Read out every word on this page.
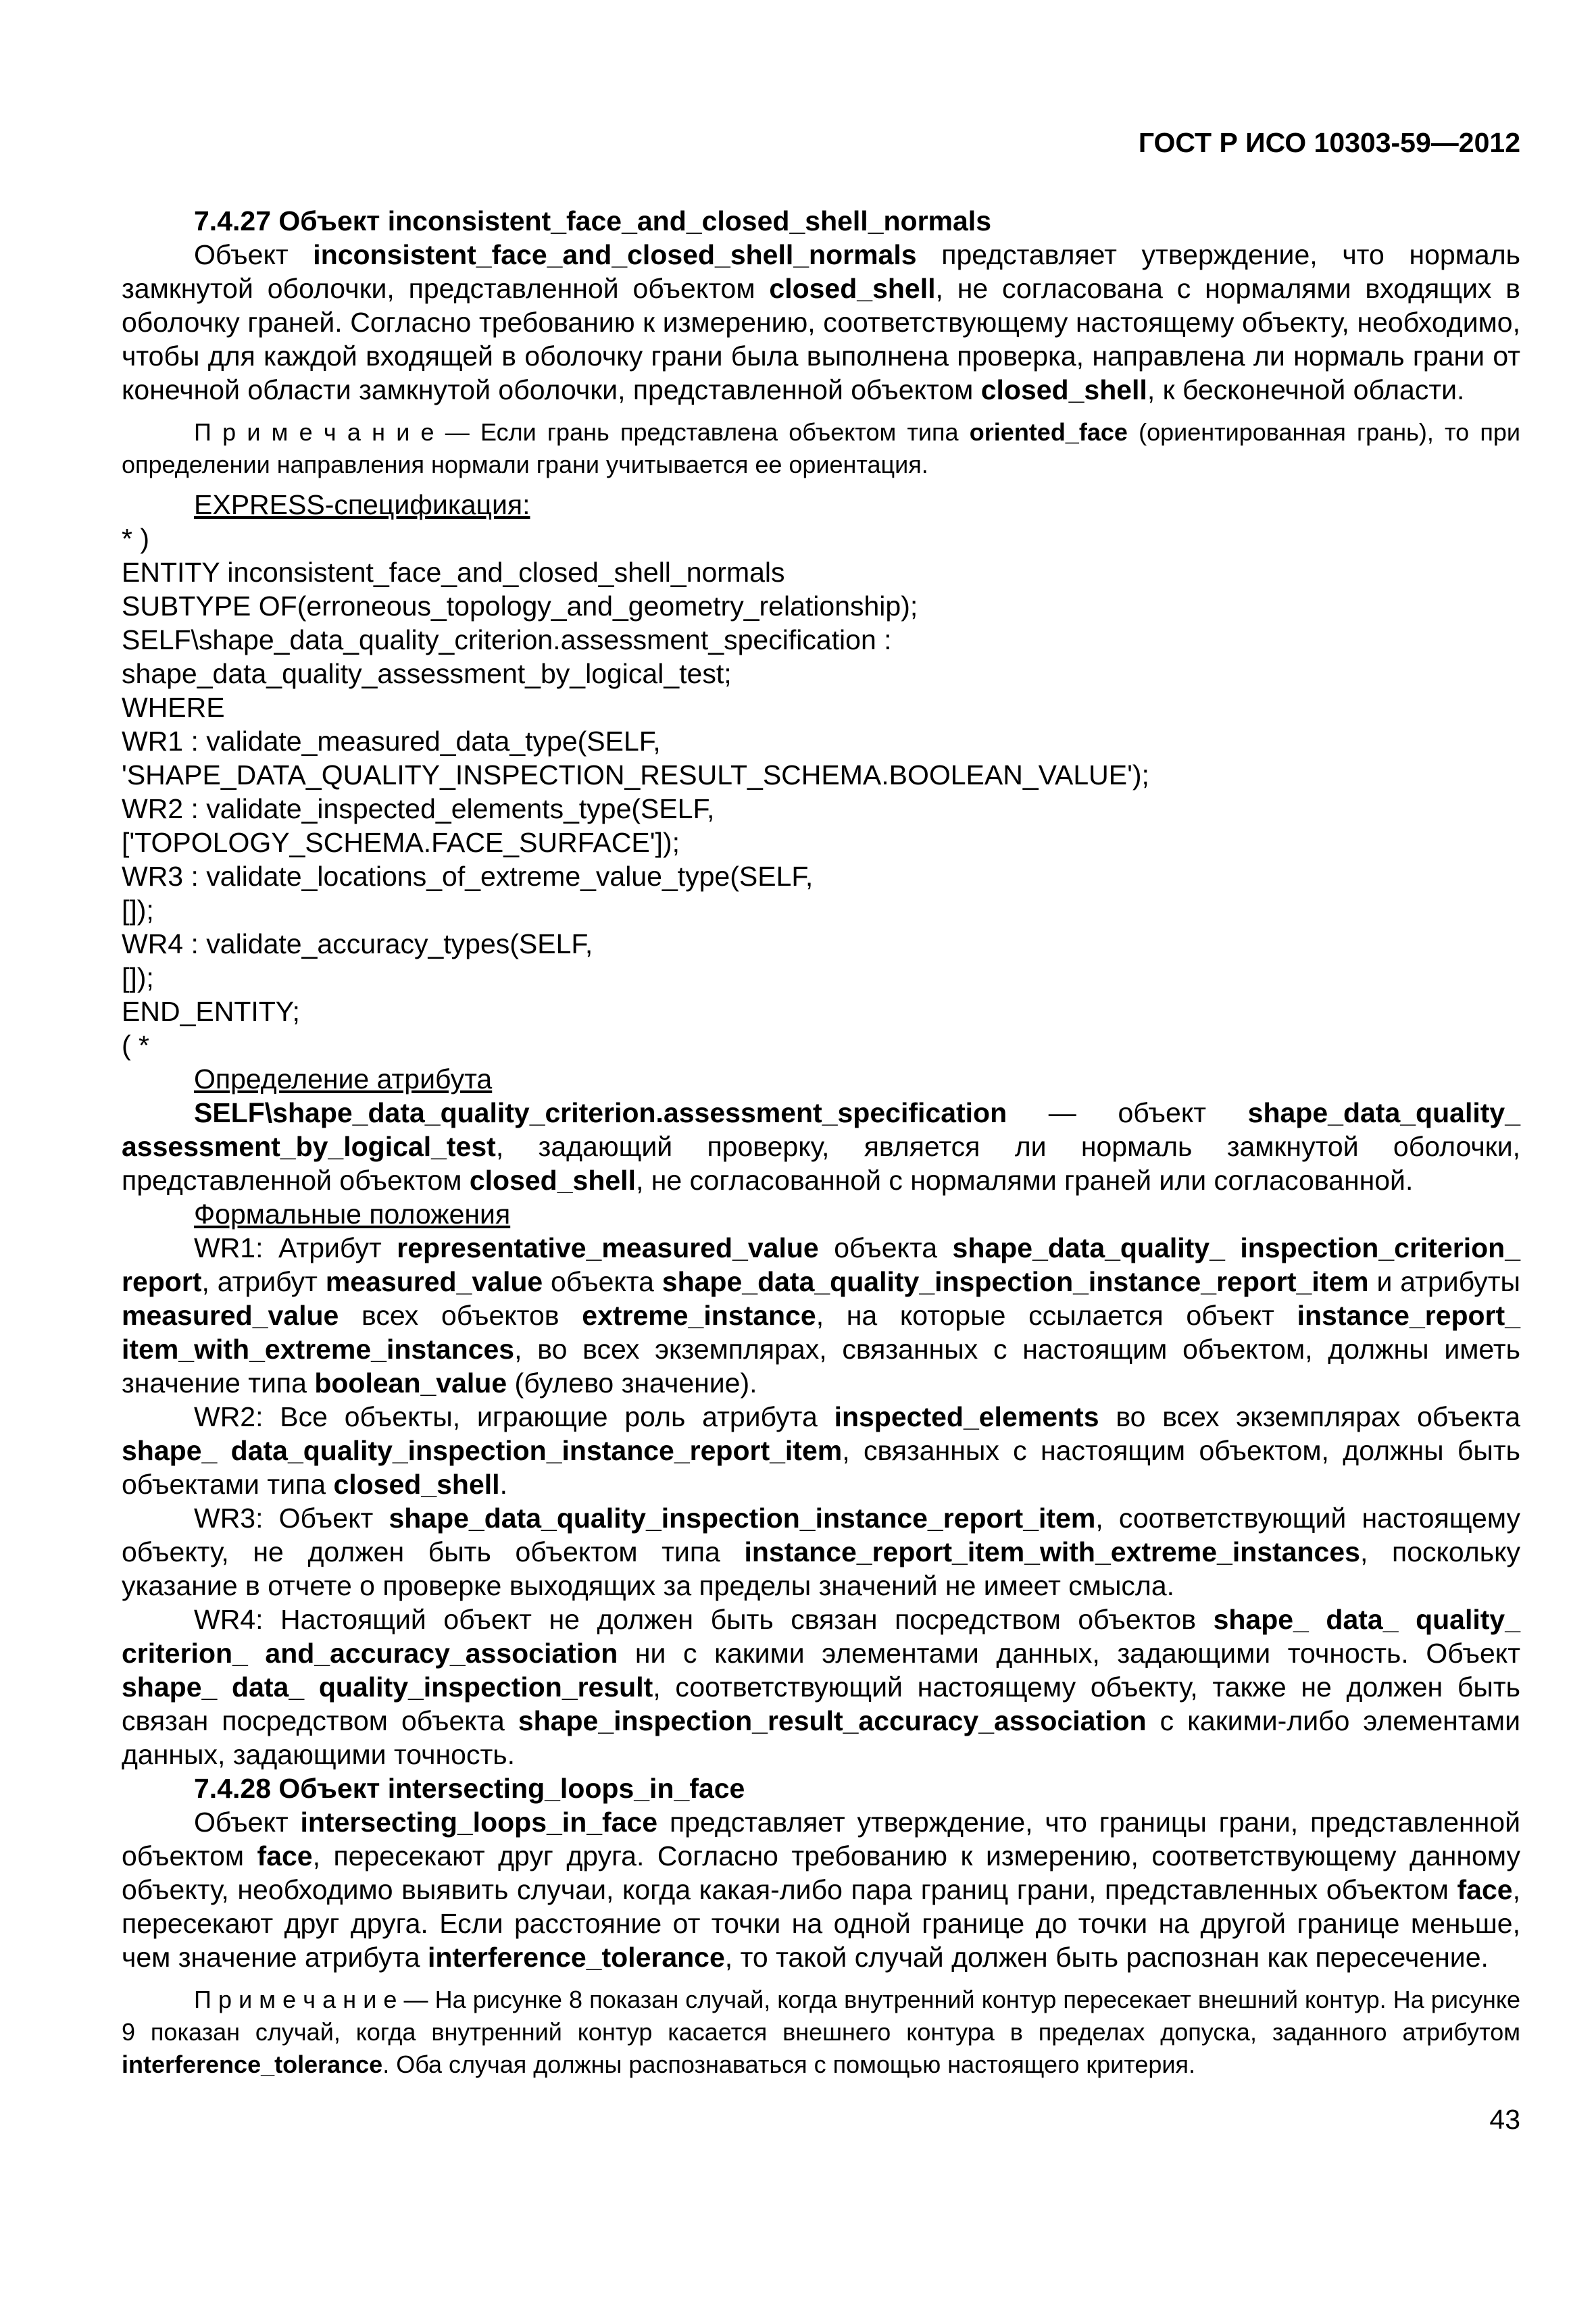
ГОСТ Р ИСО 10303-59—2012
7.4.27 Объект inconsistent_face_and_closed_shell_normals

Объект inconsistent_face_and_closed_shell_normals представляет утверждение, что нормаль замкнутой оболочки, представленной объектом closed_shell, не согласована с нормалями входящих в оболочку граней. Согласно требованию к измерению, соответствующему настоящему объекту, необходимо, чтобы для каждой входящей в оболочку грани была выполнена проверка, направлена ли нормаль грани от конечной области замкнутой оболочки, представленной объектом closed_shell, к бесконечной области.

П р и м е ч а н и е — Если грань представлена объектом типа oriented_face (ориентированная грань), то при определении направления нормали грани учитывается ее ориентация.

EXPRESS-спецификация:
* )
ENTITY inconsistent_face_and_closed_shell_normals
SUBTYPE OF(erroneous_topology_and_geometry_relationship);
SELF\shape_data_quality_criterion.assessment_specification :
shape_data_quality_assessment_by_logical_test;
WHERE
WR1 : validate_measured_data_type(SELF,
'SHAPE_DATA_QUALITY_INSPECTION_RESULT_SCHEMA.BOOLEAN_VALUE');
WR2 : validate_inspected_elements_type(SELF,
['TOPOLOGY_SCHEMA.FACE_SURFACE']);
WR3 : validate_locations_of_extreme_value_type(SELF,
[]);
WR4 : validate_accuracy_types(SELF,
[]);
END_ENTITY;
( *
Определение атрибута

SELF\shape_data_quality_criterion.assessment_specification — объект shape_data_quality_ assessment_by_logical_test, задающий проверку, является ли нормаль замкнутой оболочки, представленной объектом closed_shell, не согласованной с нормалями граней или согласованной.

Формальные положения

WR1: Атрибут representative_measured_value объекта shape_data_quality_ inspection_criterion_ report, атрибут measured_value объекта shape_data_quality_inspection_instance_report_item и атрибуты measured_value всех объектов extreme_instance, на которые ссылается объект instance_report_ item_with_extreme_instances, во всех экземплярах, связанных с настоящим объектом, должны иметь значение типа boolean_value (булево значение).

WR2: Все объекты, играющие роль атрибута inspected_elements во всех экземплярах объекта shape_ data_quality_inspection_instance_report_item, связанных с настоящим объектом, должны быть объектами типа closed_shell.

WR3: Объект shape_data_quality_inspection_instance_report_item, соответствующий настоящему объекту, не должен быть объектом типа instance_report_item_with_extreme_instances, поскольку указание в отчете о проверке выходящих за пределы значений не имеет смысла.

WR4: Настоящий объект не должен быть связан посредством объектов shape_ data_ quality_ criterion_ and_accuracy_association ни с какими элементами данных, задающими точность. Объект shape_ data_ quality_inspection_result, соответствующий настоящему объекту, также не должен быть связан посредством объекта shape_inspection_result_accuracy_association с какими-либо элементами данных, задающими точность.

7.4.28 Объект intersecting_loops_in_face

Объект intersecting_loops_in_face представляет утверждение, что границы грани, представленной объектом face, пересекают друг друга. Согласно требованию к измерению, соответствующему данному объекту, необходимо выявить случаи, когда какая-либо пара границ грани, представленных объектом face, пересекают друг друга. Если расстояние от точки на одной границе до точки на другой границе меньше, чем значение атрибута interference_tolerance, то такой случай должен быть распознан как пересечение.

П р и м е ч а н и е — На рисунке 8 показан случай, когда внутренний контур пересекает внешний контур. На рисунке 9 показан случай, когда внутренний контур касается внешнего контура в пределах допуска, заданного атрибутом interference_tolerance. Оба случая должны распознаваться с помощью настоящего критерия.

43
